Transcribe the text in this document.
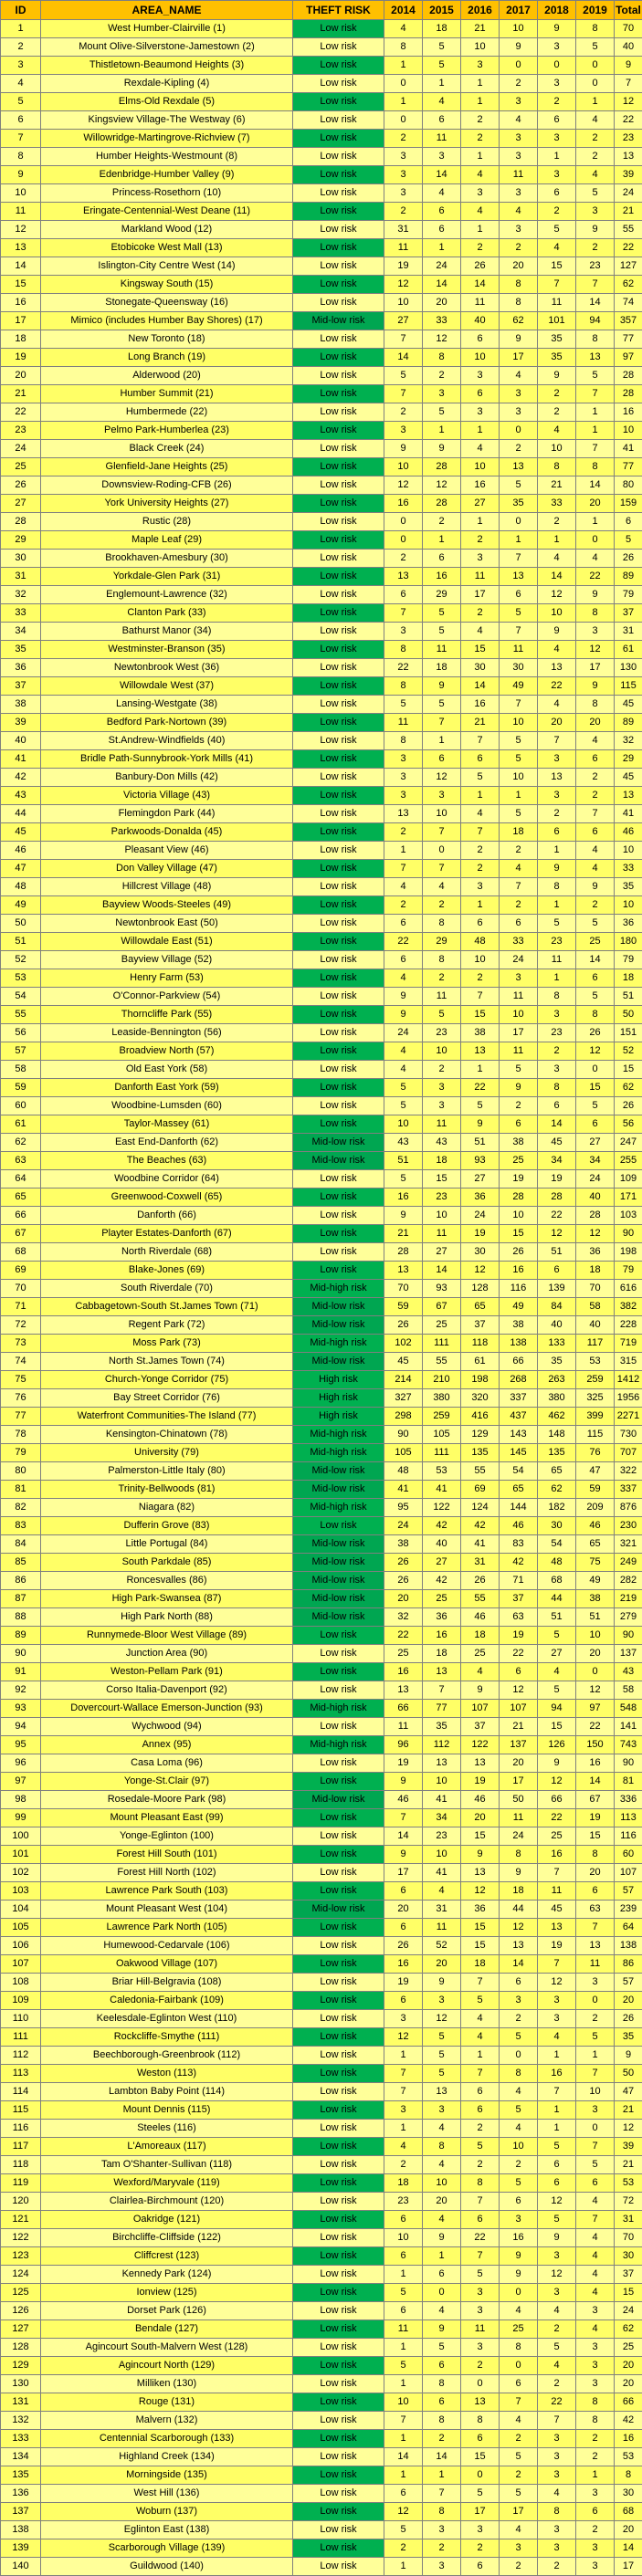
ID	AREA_NAME	THEFT RISK	2014	2015	2016	2017	2018	2019	Total
1	West Humber-Clairville (1)	Low risk	4	18	21	10	9	8	70
2	Mount Olive-Silverstone-Jamestown (2)	Low risk	8	5	10	9	3	5	40
3	Thistletown-Beaumond Heights (3)	Low risk	1	5	3	0	0	0	9
4	Rexdale-Kipling (4)	Low risk	0	1	1	2	3	0	7
5	Elms-Old Rexdale (5)	Low risk	1	4	1	3	2	1	12
6	Kingsview Village-The Westway (6)	Low risk	0	6	2	4	6	4	22
7	Willowridge-Martingrove-Richview (7)	Low risk	2	11	2	3	3	2	23
8	Humber Heights-Westmount (8)	Low risk	3	3	1	3	1	2	13
9	Edenbridge-Humber Valley (9)	Low risk	3	14	4	11	3	4	39
10	Princess-Rosethorn (10)	Low risk	3	4	3	3	6	5	24
11	Eringate-Centennial-West Deane (11)	Low risk	2	6	4	4	2	3	21
12	Markland Wood (12)	Low risk	31	6	1	3	5	9	55
13	Etobicoke West Mall (13)	Low risk	11	1	2	2	4	2	22
14	Islington-City Centre West (14)	Low risk	19	24	26	20	15	23	127
15	Kingsway South (15)	Low risk	12	14	14	8	7	7	62
16	Stonegate-Queensway (16)	Low risk	10	20	11	8	11	14	74
17	Mimico (includes Humber Bay Shores) (17)	Mid-low risk	27	33	40	62	101	94	357
18	New Toronto (18)	Low risk	7	12	6	9	35	8	77
19	Long Branch (19)	Low risk	14	8	10	17	35	13	97
20	Alderwood (20)	Low risk	5	2	3	4	9	5	28
21	Humber Summit (21)	Low risk	7	3	6	3	2	7	28
22	Humbermede (22)	Low risk	2	5	3	3	2	1	16
23	Pelmo Park-Humberlea (23)	Low risk	3	1	1	0	4	1	10
24	Black Creek (24)	Low risk	9	9	4	2	10	7	41
25	Glenfield-Jane Heights (25)	Low risk	10	28	10	13	8	8	77
26	Downsview-Roding-CFB (26)	Low risk	12	12	16	5	21	14	80
27	York University Heights (27)	Low risk	16	28	27	35	33	20	159
28	Rustic (28)	Low risk	0	2	1	0	2	1	6
29	Maple Leaf (29)	Low risk	0	1	2	1	1	0	5
30	Brookhaven-Amesbury (30)	Low risk	2	6	3	7	4	4	26
31	Yorkdale-Glen Park (31)	Low risk	13	16	11	13	14	22	89
32	Englemount-Lawrence (32)	Low risk	6	29	17	6	12	9	79
33	Clanton Park (33)	Low risk	7	5	2	5	10	8	37
34	Bathurst Manor (34)	Low risk	3	5	4	7	9	3	31
35	Westminster-Branson (35)	Low risk	8	11	15	11	4	12	61
36	Newtonbrook West (36)	Low risk	22	18	30	30	13	17	130
37	Willowdale West (37)	Low risk	8	9	14	49	22	9	115
38	Lansing-Westgate (38)	Low risk	5	5	16	7	4	8	45
39	Bedford Park-Nortown (39)	Low risk	11	7	21	10	20	20	89
40	St.Andrew-Windfields (40)	Low risk	8	1	7	5	7	4	32
41	Bridle Path-Sunnybrook-York Mills (41)	Low risk	3	6	6	5	3	6	29
42	Banbury-Don Mills (42)	Low risk	3	12	5	10	13	2	45
43	Victoria Village (43)	Low risk	3	3	1	1	3	2	13
44	Flemingdon Park (44)	Low risk	13	10	4	5	2	7	41
45	Parkwoods-Donalda (45)	Low risk	2	7	7	18	6	6	46
46	Pleasant View (46)	Low risk	1	0	2	2	1	4	10
47	Don Valley Village (47)	Low risk	7	7	2	4	9	4	33
48	Hillcrest Village (48)	Low risk	4	4	3	7	8	9	35
49	Bayview Woods-Steeles (49)	Low risk	2	2	1	2	1	2	10
50	Newtonbrook East (50)	Low risk	6	8	6	6	5	5	36
51	Willowdale East (51)	Low risk	22	29	48	33	23	25	180
52	Bayview Village (52)	Low risk	6	8	10	24	11	14	79
53	Henry Farm (53)	Low risk	4	2	2	3	1	6	18
54	O'Connor-Parkview (54)	Low risk	9	11	7	11	8	5	51
55	Thorncliffe Park (55)	Low risk	9	5	15	10	3	8	50
56	Leaside-Bennington (56)	Low risk	24	23	38	17	23	26	151
57	Broadview North (57)	Low risk	4	10	13	11	2	12	52
58	Old East York (58)	Low risk	4	2	1	5	3	0	15
59	Danforth East York (59)	Low risk	5	3	22	9	8	15	62
60	Woodbine-Lumsden (60)	Low risk	5	3	5	2	6	5	26
61	Taylor-Massey (61)	Low risk	10	11	9	6	14	6	56
62	East End-Danforth (62)	Mid-low risk	43	43	51	38	45	27	247
63	The Beaches (63)	Mid-low risk	51	18	93	25	34	34	255
64	Woodbine Corridor (64)	Low risk	5	15	27	19	19	24	109
65	Greenwood-Coxwell (65)	Low risk	16	23	36	28	28	40	171
66	Danforth (66)	Low risk	9	10	24	10	22	28	103
67	Playter Estates-Danforth (67)	Low risk	21	11	19	15	12	12	90
68	North Riverdale (68)	Low risk	28	27	30	26	51	36	198
69	Blake-Jones (69)	Low risk	13	14	12	16	6	18	79
70	South Riverdale (70)	Mid-high risk	70	93	128	116	139	70	616
71	Cabbagetown-South St.James Town (71)	Mid-low risk	59	67	65	49	84	58	382
72	Regent Park (72)	Mid-low risk	26	25	37	38	40	40	228
73	Moss Park (73)	Mid-high risk	102	111	118	138	133	117	719
74	North St.James Town (74)	Mid-low risk	45	55	61	66	35	53	315
75	Church-Yonge Corridor (75)	High risk	214	210	198	268	263	259	1412
76	Bay Street Corridor (76)	High risk	327	380	320	337	380	325	1956
77	Waterfront Communities-The Island (77)	High risk	298	259	416	437	462	399	2271
78	Kensington-Chinatown (78)	Mid-high risk	90	105	129	143	148	115	730
79	University (79)	Mid-high risk	105	111	135	145	135	76	707
80	Palmerston-Little Italy (80)	Mid-low risk	48	53	55	54	65	47	322
81	Trinity-Bellwoods (81)	Mid-low risk	41	41	69	65	62	59	337
82	Niagara (82)	Mid-high risk	95	122	124	144	182	209	876
83	Dufferin Grove (83)	Low risk	24	42	42	46	30	46	230
84	Little Portugal (84)	Mid-low risk	38	40	41	83	54	65	321
85	South Parkdale (85)	Mid-low risk	26	27	31	42	48	75	249
86	Roncesvalles (86)	Mid-low risk	26	42	26	71	68	49	282
87	High Park-Swansea (87)	Mid-low risk	20	25	55	37	44	38	219
88	High Park North (88)	Mid-low risk	32	36	46	63	51	51	279
89	Runnymede-Bloor West Village (89)	Low risk	22	16	18	19	5	10	90
90	Junction Area (90)	Low risk	25	18	25	22	27	20	137
91	Weston-Pellam Park (91)	Low risk	16	13	4	6	4	0	43
92	Corso Italia-Davenport (92)	Low risk	13	7	9	12	5	12	58
93	Dovercourt-Wallace Emerson-Junction (93)	Mid-high risk	66	77	107	107	94	97	548
94	Wychwood (94)	Low risk	11	35	37	21	15	22	141
95	Annex (95)	Mid-high risk	96	112	122	137	126	150	743
96	Casa Loma (96)	Low risk	19	13	13	20	9	16	90
97	Yonge-St.Clair (97)	Low risk	9	10	19	17	12	14	81
98	Rosedale-Moore Park (98)	Mid-low risk	46	41	46	50	66	67	336
99	Mount Pleasant East (99)	Low risk	7	34	20	11	22	19	113
100	Yonge-Eglinton (100)	Low risk	14	23	15	24	25	15	116
101	Forest Hill South (101)	Low risk	9	10	9	8	16	8	60
102	Forest Hill North (102)	Low risk	17	41	13	9	7	20	107
103	Lawrence Park South (103)	Low risk	6	4	12	18	11	6	57
104	Mount Pleasant West (104)	Mid-low risk	20	31	36	44	45	63	239
105	Lawrence Park North (105)	Low risk	6	11	15	12	13	7	64
106	Humewood-Cedarvale (106)	Low risk	26	52	15	13	19	13	138
107	Oakwood Village (107)	Low risk	16	20	18	14	7	11	86
108	Briar Hill-Belgravia (108)	Low risk	19	9	7	6	12	3	57
109	Caledonia-Fairbank (109)	Low risk	6	3	5	3	3	0	20
110	Keelesdale-Eglinton West (110)	Low risk	3	12	4	2	3	2	26
111	Rockcliffe-Smythe (111)	Low risk	12	5	4	5	4	5	35
112	Beechborough-Greenbrook (112)	Low risk	1	5	1	0	1	1	9
113	Weston (113)	Low risk	7	5	7	8	16	7	50
114	Lambton Baby Point (114)	Low risk	7	13	6	4	7	10	47
115	Mount Dennis (115)	Low risk	3	3	6	5	1	3	21
116	Steeles (116)	Low risk	1	4	2	4	1	0	12
117	L'Amoreaux (117)	Low risk	4	8	5	10	5	7	39
118	Tam O'Shanter-Sullivan (118)	Low risk	2	4	2	2	6	5	21
119	Wexford/Maryvale (119)	Low risk	18	10	8	5	6	6	53
120	Clairlea-Birchmount (120)	Low risk	23	20	7	6	12	4	72
121	Oakridge (121)	Low risk	6	4	6	3	5	7	31
122	Birchcliffe-Cliffside (122)	Low risk	10	9	22	16	9	4	70
123	Cliffcrest (123)	Low risk	6	1	7	9	3	4	30
124	Kennedy Park (124)	Low risk	1	6	5	9	12	4	37
125	Ionview (125)	Low risk	5	0	3	0	3	4	15
126	Dorset Park (126)	Low risk	6	4	3	4	4	3	24
127	Bendale (127)	Low risk	11	9	11	25	2	4	62
128	Agincourt South-Malvern West (128)	Low risk	1	5	3	8	5	3	25
129	Agincourt North (129)	Low risk	5	6	2	0	4	3	20
130	Milliken (130)	Low risk	1	8	0	6	2	3	20
131	Rouge (131)	Low risk	10	6	13	7	22	8	66
132	Malvern (132)	Low risk	7	8	8	4	7	8	42
133	Centennial Scarborough (133)	Low risk	1	2	6	2	3	2	16
134	Highland Creek (134)	Low risk	14	14	15	5	3	2	53
135	Morningside (135)	Low risk	1	1	0	2	3	1	8
136	West Hill (136)	Low risk	6	7	5	5	4	3	30
137	Woburn (137)	Low risk	12	8	17	17	8	6	68
138	Eglinton East (138)	Low risk	5	3	3	4	3	2	20
139	Scarborough Village (139)	Low risk	2	2	2	3	3	3	14
140	Guildwood (140)	Low risk	1	3	6	2	2	3	17
